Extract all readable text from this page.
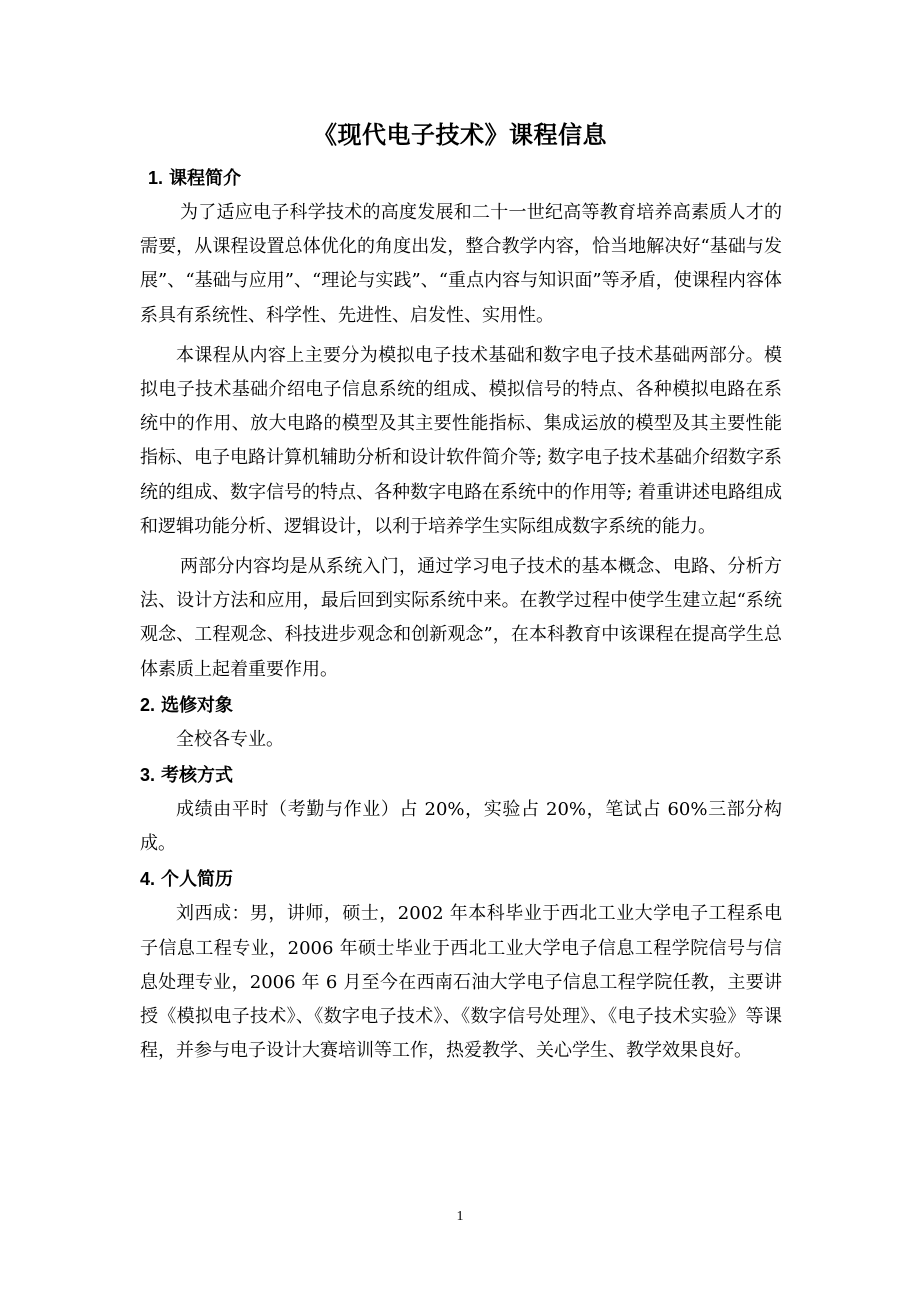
《现代电子技术》课程信息
1. 课程简介

为了适应电子科学技术的高度发展和二十一世纪高等教育培养高素质人才的需要，从课程设置总体优化的角度出发，整合教学内容，恰当地解决好“基础与发展”、“基础与应用”、“理论与实践”、“重点内容与知识面”等矛盾，使课程内容体系具有系统性、科学性、先进性、启发性、实用性。

本课程从内容上主要分为模拟电子技术基础和数字电子技术基础两部分。模拟电子技术基础介绍电子信息系统的组成、模拟信号的特点、各种模拟电路在系统中的作用、放大电路的模型及其主要性能指标、集成运放的模型及其主要性能指标、电子电路计算机辅助分析和设计软件简介等; 数字电子技术基础介绍数字系统的组成、数字信号的特点、各种数字电路在系统中的作用等; 着重讲述电路组成和逻辑功能分析、逻辑设计，以利于培养学生实际组成数字系统的能力。

两部分内容均是从系统入门，通过学习电子技术的基本概念、电路、分析方法、设计方法和应用，最后回到实际系统中来。在教学过程中使学生建立起“系统观念、工程观念、科技进步观念和创新观念”，在本科教育中该课程在提高学生总体素质上起着重要作用。

2. 选修对象

全校各专业。

3. 考核方式

成绩由平时（考勤与作业）占 20%，实验占 20%，笔试占 60%三部分构成。

4. 个人简历

刘西成：男，讲师，硕士，2002 年本科毕业于西北工业大学电子工程系电子信息工程专业，2006 年硕士毕业于西北工业大学电子信息工程学院信号与信息处理专业，2006 年 6 月至今在西南石油大学电子信息工程学院任教，主要讲授《模拟电子技术》、《数字电子技术》、《数字信号处理》、《电子技术实验》等课程，并参与电子设计大赛培训等工作，热爱教学、关心学生、教学效果良好。

1
